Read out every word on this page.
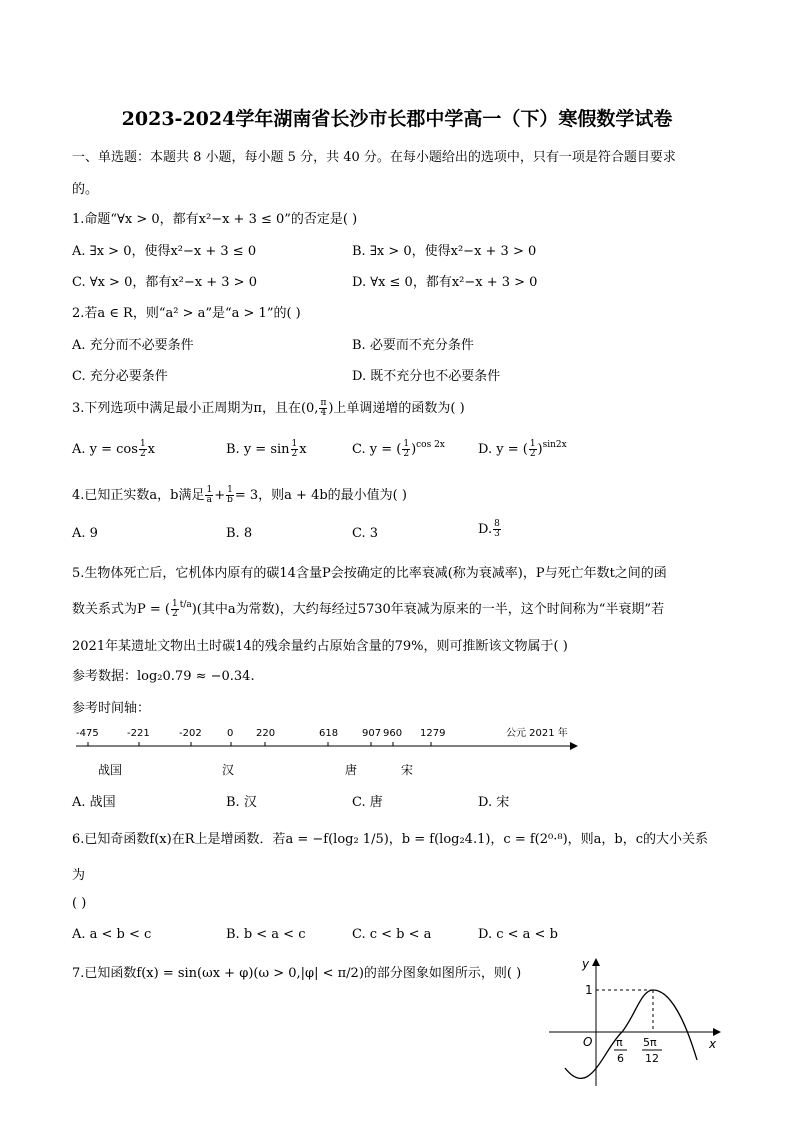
2023-2024学年湖南省长沙市长郡中学高一（下）寒假数学试卷
一、单选题：本题共 8 小题，每小题 5 分，共 40 分。在每小题给出的选项中，只有一项是符合题目要求
的。
1.命题“∀x > 0，都有x²−x + 3 ≤ 0”的否定是( )
A. ∃x > 0，使得x²−x + 3 ≤ 0	B. ∃x > 0，使得x²−x + 3 > 0
C. ∀x > 0，都有x²−x + 3 > 0	D. ∀x ≤ 0，都有x²−x + 3 > 0
2.若a ∈ R，则“a² > a”是“a > 1”的( )
A. 充分而不必要条件	B. 必要而不充分条件
C. 充分必要条件	D. 既不充分也不必要条件
3.下列选项中满足最小正周期为π，且在(0, $\frac{\pi}{4}$ )上单调递增的函数为( )
A. $y = \cos \frac{1}{2}$ x	B. $y = \sin \frac{1}{2}$ x	C. y = ( $\frac{1}{2} )^{cos 2x}$	D. y = ( $\frac{1}{2} )^{sin2x}$
4.已知正实数a，b满足 $\frac{1}{a} + \frac{1}{b} = 3$，则a + 4b的最小值为( )
A. 9	B. 8	C. 3	D. $\frac{8}{3}$
5.生物体死亡后，它机体内原有的碳14含量P会按确定的比率衰减(称为衰减率)，P与死亡年数t之间的函
数关系式为P = ( $\frac{1}{2} ^{t/a}$)(其中a为常数)，大约每经过5730年衰减为原来的一半，这个时间称为“半衰期”若
2021年某遗址文物出土时碳14的残余量约占原始含量的79%，则可推断该文物属于( )
参考数据：log₂0.79 ≈ −0.34.
参考时间轴：
-475	-221	-202	0 220	618 907 960 1279	公元 2021 年
战国	汉	唐	宋
A. 战国	B. 汉	C. 唐	D. 宋
6.已知奇函数f(x)在R上是增函数．若a = −f(log₂ 1/5)，b = f(log₂4.1)，c = f(2⁰·⁸)，则a，b，c的大小关系
为
( )
A. a < b < c	B. b < a < c	C. c < b < a	D. c < a < b
7.已知函数f(x) = sin(ωx + φ)(ω > 0,|φ| < π/2)的部分图象如图所示，则( )
y
x
O
1
π
6
5π
12
